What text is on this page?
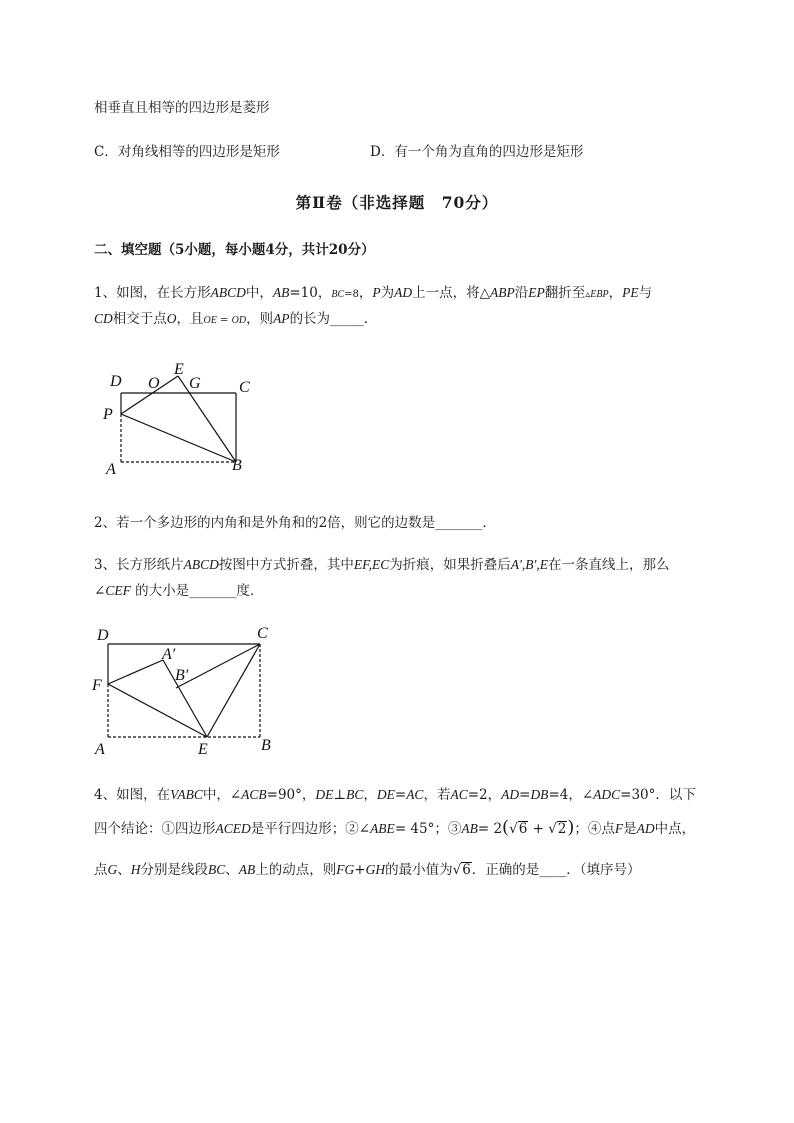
相垂直且相等的四边形是菱形
C．对角线相等的四边形是矩形	D．有一个角为直角的四边形是矩形
第Ⅱ卷（非选择题　70分）
二、填空题（5小题，每小题4分，共计20分）
1、如图，在长方形ABCD中，AB=10，BC=8，P为AD上一点，将△ABP沿EP翻折至▵EBP，PE与
CD相交于点O，且OE = OD，则AP的长为_____．
D O
E
G C
P
A	B
D	C
A′
B′
F
A	E	B
2、若一个多边形的内角和是外角和的2倍，则它的边数是_______．
3、长方形纸片ABCD按图中方式折叠，其中EF,EC为折痕，如果折叠后A',B',E在一条直线上，那么
∠CEF 的大小是_______度．
4、如图，在VABC中，∠ACB=90°，DE⊥BC，DE=AC，若AC=2，AD=DB=4，∠ADC=30°．以下
四个结论：①四边形ACED是平行四边形；②∠ABE= 45°；③AB= 2(√6 + √2)；④点F是AD中点，
点G、H分别是线段BC、AB上的动点，则FG+GH的最小值为√6．正确的是____．（填序号）
